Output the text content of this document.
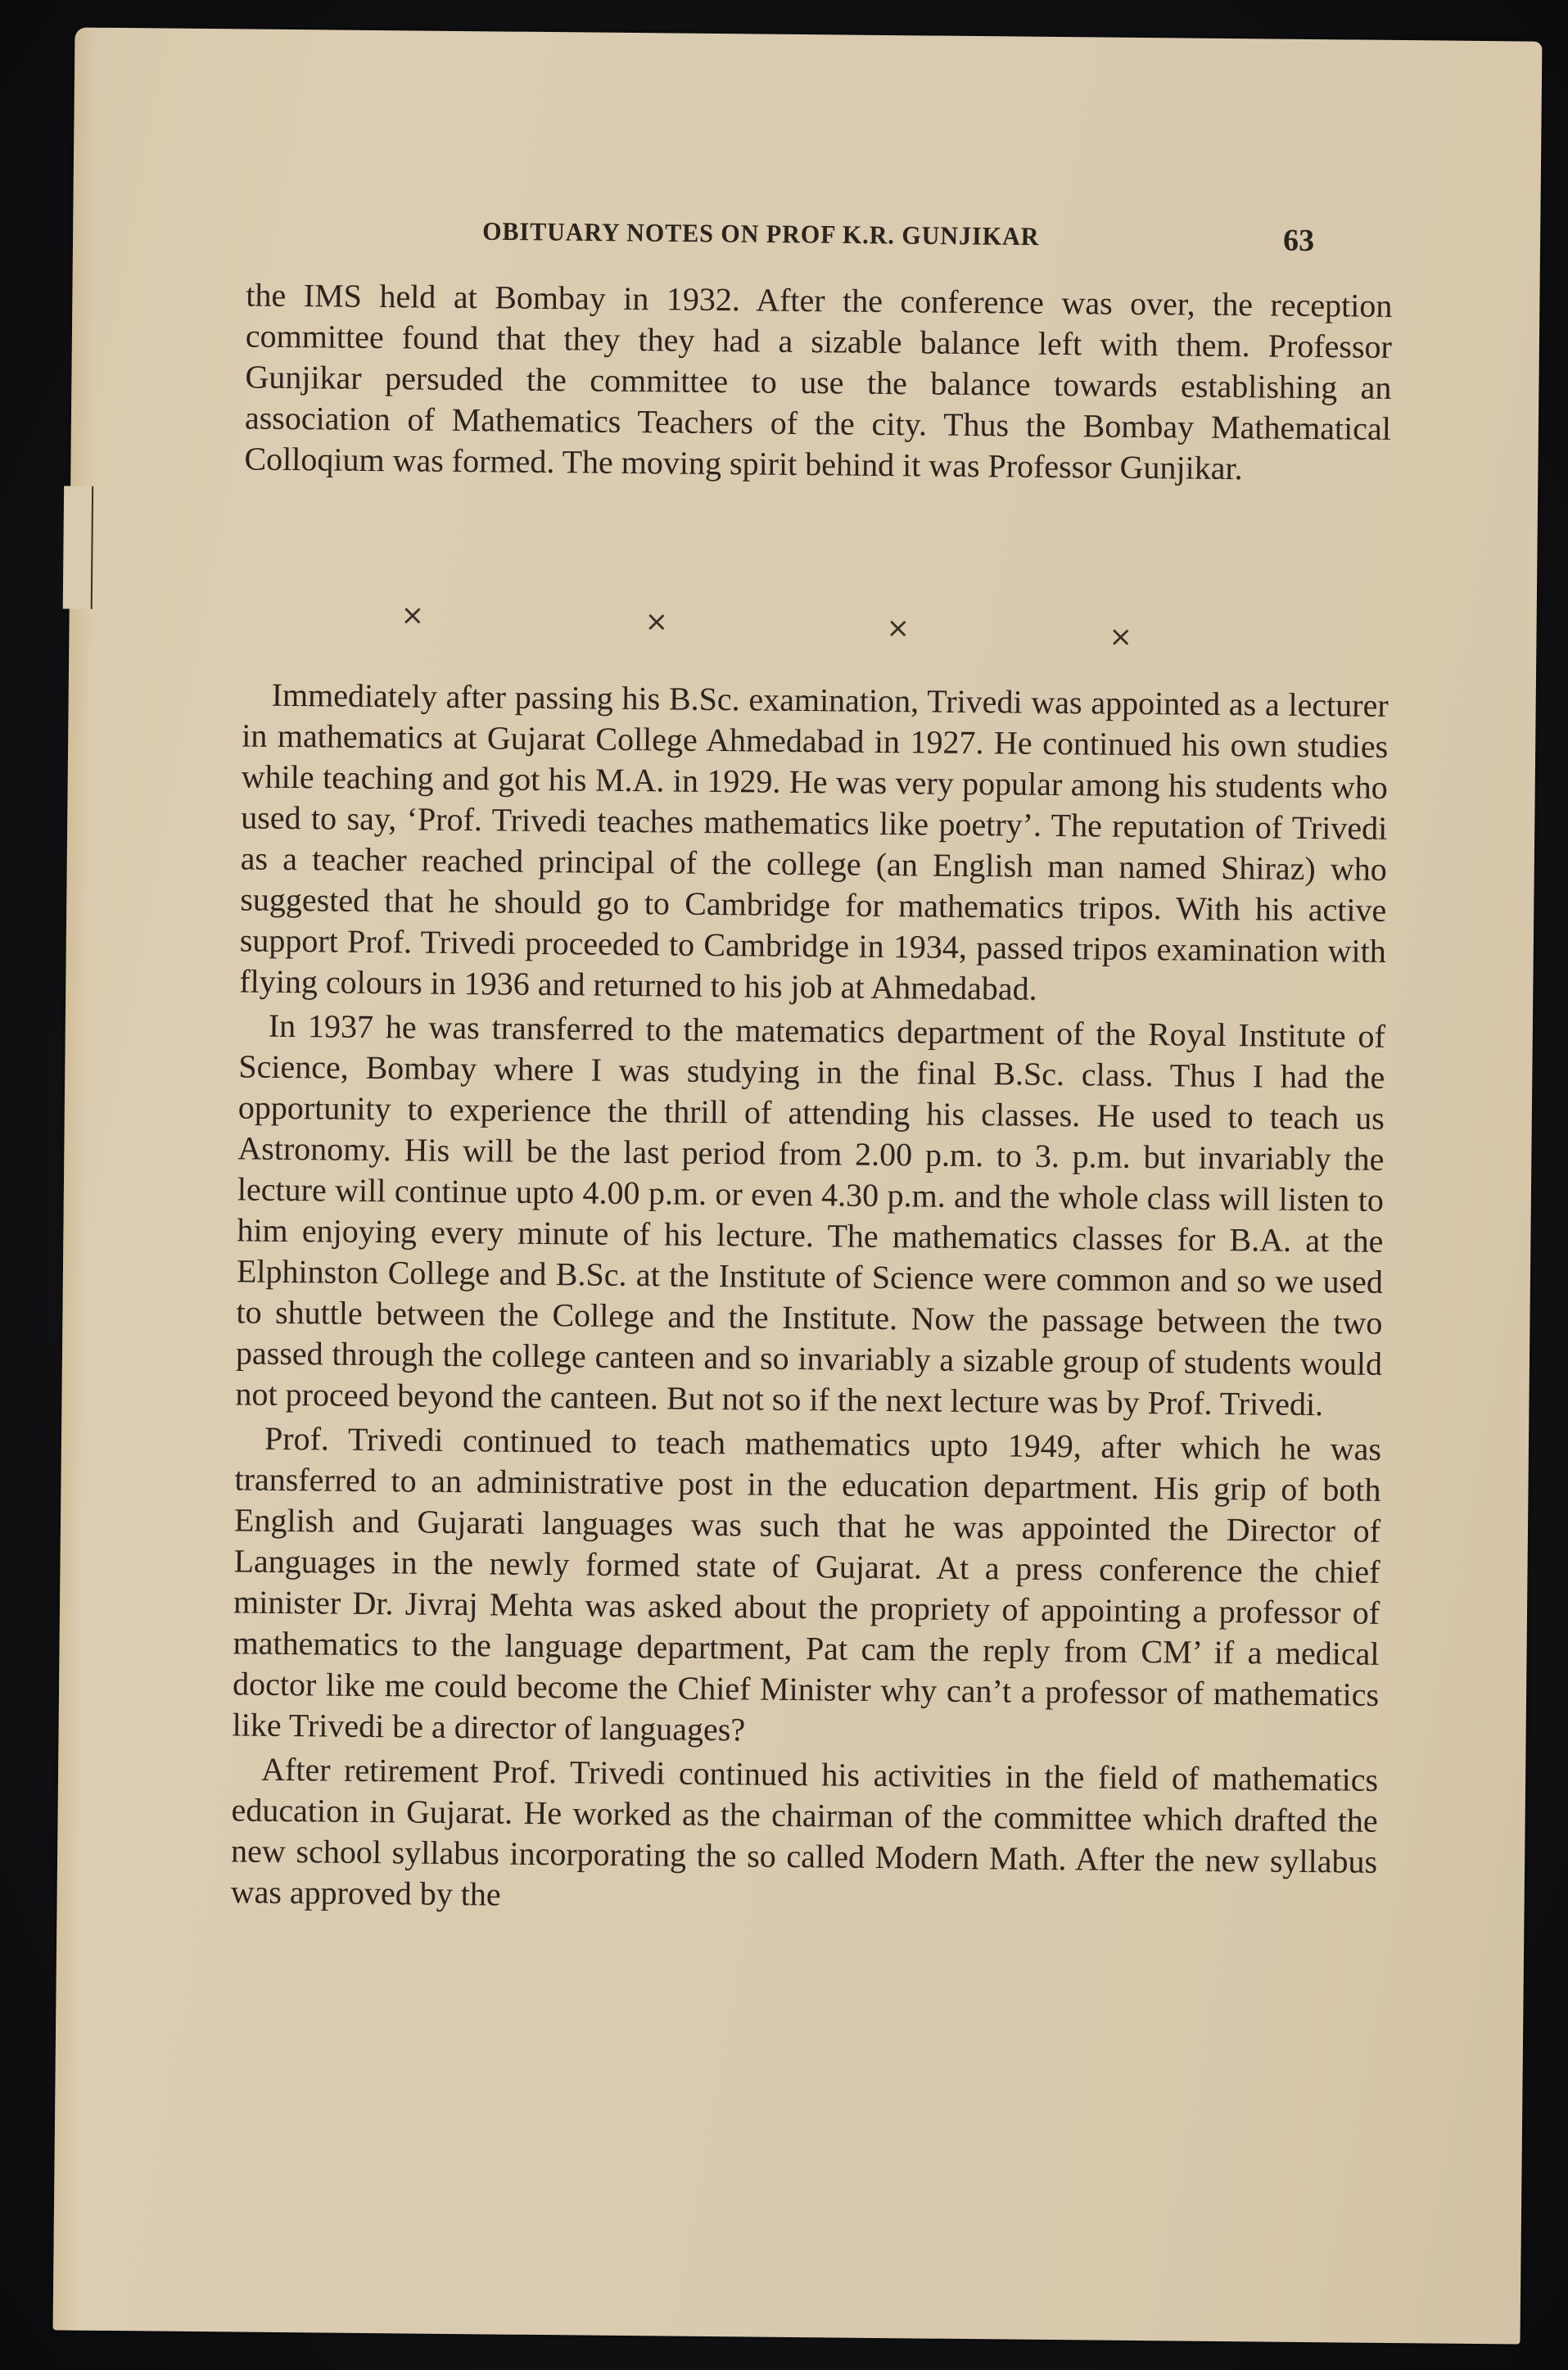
OBITUARY NOTES ON PROF K.R. GUNJIKAR	63

the IMS held at Bombay in 1932. After the conference was over, the reception committee found that they they had a sizable balance left with them. Professor Gunjikar persuded the committee to use the balance towards establishing an association of Mathematics Teachers of the city. Thus the Bombay Mathematical Colloqium was formed. The moving spirit behind it was Professor Gunjikar.

×	×	×	×

Immediately after passing his B.Sc. examination, Trivedi was appointed as a lecturer in mathematics at Gujarat College Ahmedabad in 1927. He continued his own studies while teaching and got his M.A. in 1929. He was very popular among his students who used to say, ‘Prof. Trivedi teaches mathematics like poetry’. The reputation of Trivedi as a teacher reached principal of the college (an English man named Shiraz) who suggested that he should go to Cambridge for mathematics tripos. With his active support Prof. Trivedi proceeded to Cambridge in 1934, passed tripos examination with flying colours in 1936 and returned to his job at Ahmedabad.

In 1937 he was transferred to the matematics department of the Royal Institute of Science, Bombay where I was studying in the final B.Sc. class. Thus I had the opportunity to experience the thrill of attending his classes. He used to teach us Astronomy. His will be the last period from 2.00 p.m. to 3. p.m. but invariably the lecture will continue upto 4.00 p.m. or even 4.30 p.m. and the whole class will listen to him enjoying every minute of his lecture. The mathematics classes for B.A. at the Elphinston College and B.Sc. at the Institute of Science were common and so we used to shuttle between the College and the Institute. Now the passage between the two passed through the college canteen and so invariably a sizable group of students would not proceed beyond the canteen. But not so if the next lecture was by Prof. Trivedi.

Prof. Trivedi continued to teach mathematics upto 1949, after which he was transferred to an administrative post in the education department. His grip of both English and Gujarati languages was such that he was appointed the Director of Languages in the newly formed state of Gujarat. At a press conference the chief minister Dr. Jivraj Mehta was asked about the propriety of appointing a professor of mathematics to the language department, Pat cam the reply from CM’ if a medical doctor like me could become the Chief Minister why can’t a professor of mathematics like Trivedi be a director of languages?

After retirement Prof. Trivedi continued his activities in the field of mathematics education in Gujarat. He worked as the chairman of the committee which drafted the new school syllabus incorporating the so called Modern Math. After the new syllabus was approved by the
